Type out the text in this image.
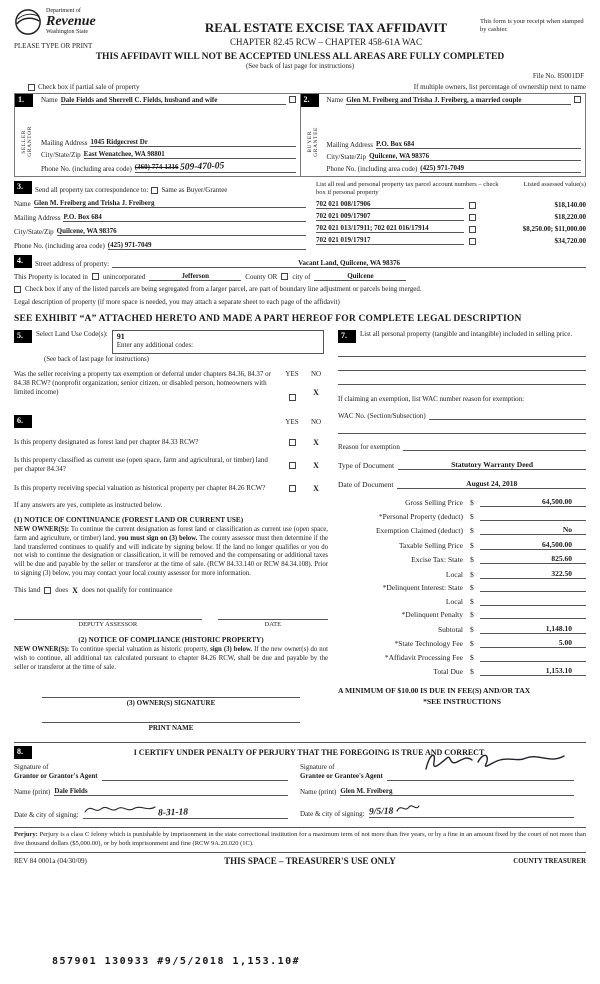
Department of
Revenue
Washington State
PLEASE TYPE OR PRINT
REAL ESTATE EXCISE TAX AFFIDAVIT
CHAPTER 82.45 RCW – CHAPTER 458-61A WAC
This form is your receipt when stamped by cashier.
THIS AFFIDAVIT WILL NOT BE ACCEPTED UNLESS ALL AREAS ARE FULLY COMPLETED
(See back of last page for instructions)
File No. 85001DF
Check box if partial sale of property	If multiple owners, list percentage of ownership next to name
1.
SELLER GRANTOR
Name Dale Fields and Sherrell C. Fields, husband and wife
Mailing Address 1045 Ridgecrest Dr
City/State/Zip East Wenatchee, WA 98801
Phone No. (including area code) (360) 774-1316 509-470-05
2.
BUYER GRANTEE
Name Glen M. Freiberg and Trisha J. Freiberg, a married couple
Mailing Address P.O. Box 684
City/State/Zip Quilcene, WA 98376
Phone No. (including area code) (425) 971-7049
3.	Send all property tax correspondence to: Same as Buyer/Grantee
Name Glen M. Freiberg and Trisha J. Freiberg
Mailing Address P.O. Box 684
City/State/Zip Quilcene, WA 98376
Phone No. (including area code) (425) 971-7049
List all real and personal property tax parcel account numbers – check box if personal property
Listed assessed value(s)
702 021 008/17906	$18,140.00
702 021 009/17907	$18,220.00
702 021 013/17911; 702 021 016/17914	$8,250.00; $11,000.00
702 021 019/17917	$34,720.00
4.	Street address of property:	Vacant Land, Quilcene, WA 98376
This Property is located in unincorporated	Jefferson	County OR city of	Quilcene
Check box if any of the listed parcels are being segregated from a larger parcel, are part of boundary line adjustment or parcels being merged.
Legal description of property (if more space is needed, you may attach a separate sheet to each page of the affidavit)
SEE EXHIBIT “A” ATTACHED HERETO AND MADE A PART HEREOF FOR COMPLETE LEGAL DESCRIPTION
5.	Select Land Use Code(s): 91
Enter any additional codes:
(See back of last page for instructions)
Was the seller receiving a property tax exemption or deferral under chapters 84.36, 84.37 or 84.38 RCW? (nonprofit organization, senior citizen, or disabled person, homeowners with limited income)
YES	NO
X
6.	YES	NO
Is this property designated as forest land per chapter 84.33 RCW?	X
Is this property classified as current use (open space, farm and agricultural, or timber) land per chapter 84.34?	X
Is this property receiving special valuation as historical property per chapter 84.26 RCW?	X
If any answers are yes, complete as instructed below.
(1) NOTICE OF CONTINUANCE (FOREST LAND OR CURRENT USE)
NEW OWNER(S): To continue the current designation as forest land or classification as current use (open space, farm and agriculture, or timber) land, you must sign on (3) below. The county assessor must then determine if the land transferred continues to qualify and will indicate by signing below. If the land no longer qualifies or you do not wish to continue the designation or classification, it will be removed and the compensating or additional taxes will be due and payable by the seller or transferor at the time of sale. (RCW 84.33.140 or RCW 84.34.108). Prior to signing (3) below, you may contact your local county assessor for more information.
This land does X does not qualify for continuance
DEPUTY ASSESSOR	DATE
(2) NOTICE OF COMPLIANCE (HISTORIC PROPERTY)
NEW OWNER(S): To continue special valuation as historic property, sign (3) below. If the new owner(s) do not wish to continue, all additional tax calculated pursuant to chapter 84.26 RCW, shall be due and payable by the seller or transferor at the time of sale.
(3) OWNER(S) SIGNATURE
PRINT NAME
7.	List all personal property (tangible and intangible) included in selling price.
If claiming an exemption, list WAC number reason for exemption:
WAC No. (Section/Subsection)
Reason for exemption
Type of Document	Statutory Warranty Deed
Date of Document	August 24, 2018
Gross Selling Price $	64,500.00
*Personal Property (deduct) $
Exemption Claimed (deduct) $	No
Taxable Selling Price $	64,500.00
Excise Tax: State $	825.60
Local $	322.50
*Delinquent Interest: State $
Local $
*Delinquent Penalty $
Subtotal $	1,148.10
*State Technology Fee $	5.00
*Affidavit Processing Fee $
Total Due $	1,153.10
A MINIMUM OF $10.00 IS DUE IN FEE(S) AND/OR TAX
*SEE INSTRUCTIONS
8.	I CERTIFY UNDER PENALTY OF PERJURY THAT THE FOREGOING IS TRUE AND CORRECT
Signature of
Grantor or Grantor's Agent
Name (print) Dale Fields
Date & city of signing:	8-31-18
Signature of
Grantee or Grantee's Agent
Name (print) Glen M. Freiberg
Date & city of signing: 9/5/18
Perjury: Perjury is a class C felony which is punishable by imprisonment in the state correctional institution for a maximum term of not more than five years, or by a fine in an amount fixed by the court of not more than five thousand dollars ($5,000.00), or by both imprisonment and fine (RCW 9A.20.020 (1C).
REV 84 0001a (04/30/09)	THIS SPACE – TREASURER'S USE ONLY	COUNTY TREASURER
857901 130933 #9/5/2018 1,153.10#
